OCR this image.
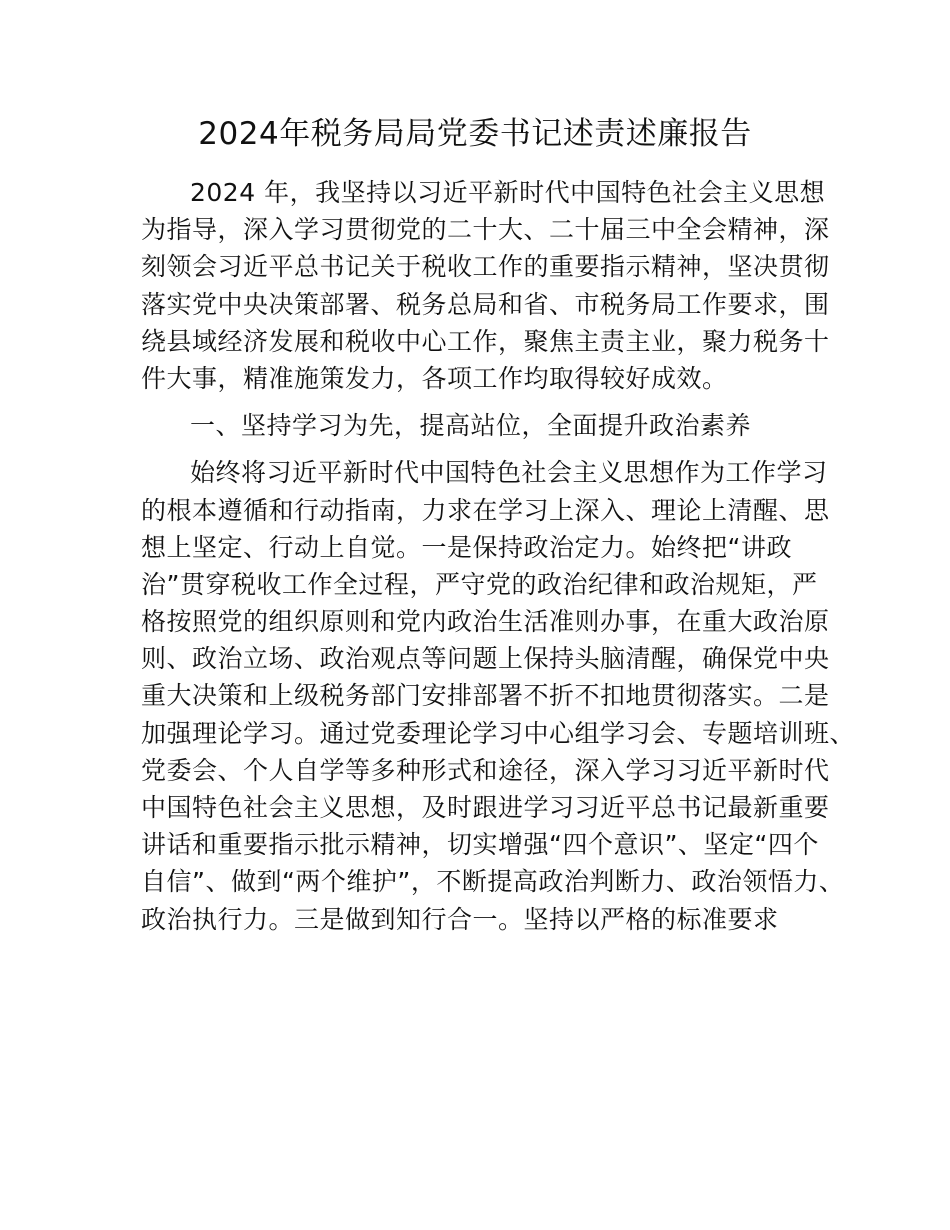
2024年税务局局党委书记述责述廉报告
2024 年，我坚持以习近平新时代中国特色社会主义思想
为指导，深入学习贯彻党的二十大、二十届三中全会精神，深
刻领会习近平总书记关于税收工作的重要指示精神，坚决贯彻
落实党中央决策部署、税务总局和省、市税务局工作要求，围
绕县域经济发展和税收中心工作，聚焦主责主业，聚力税务十
件大事，精准施策发力，各项工作均取得较好成效。
一、坚持学习为先，提高站位，全面提升政治素养
始终将习近平新时代中国特色社会主义思想作为工作学习
的根本遵循和行动指南，力求在学习上深入、理论上清醒、思
想上坚定、行动上自觉。一是保持政治定力。始终把“讲政
治”贯穿税收工作全过程，严守党的政治纪律和政治规矩，严
格按照党的组织原则和党内政治生活准则办事，在重大政治原
则、政治立场、政治观点等问题上保持头脑清醒，确保党中央
重大决策和上级税务部门安排部署不折不扣地贯彻落实。二是
加强理论学习。通过党委理论学习中心组学习会、专题培训班、
党委会、个人自学等多种形式和途径，深入学习习近平新时代
中国特色社会主义思想，及时跟进学习习近平总书记最新重要
讲话和重要指示批示精神，切实增强“四个意识”、坚定“四个
自信”、做到“两个维护”，不断提高政治判断力、政治领悟力、
政治执行力。三是做到知行合一。坚持以严格的标准要求
